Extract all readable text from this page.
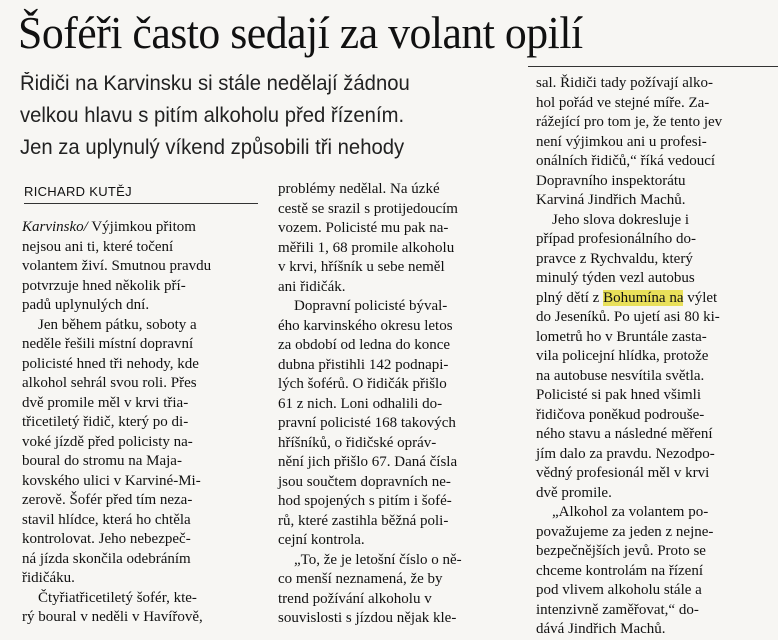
Šoféři často sedají za volant opilí
Řidiči na Karvinsku si stále nedělají žádnou
velkou hlavu s pitím alkoholu před řízením.
Jen za uplynulý víkend způsobili tři nehody
RICHARD KUTĚJ
Karvinsko/ Výjimkou přitom
nejsou ani ti, které točení
volantem živí. Smutnou pravdu
potvrzuje hned několik pří-
padů uplynulých dní.
Jen během pátku, soboty a
neděle řešili místní dopravní
policisté hned tři nehody, kde
alkohol sehrál svou roli. Přes
dvě promile měl v krvi třia-
třicetiletý řidič, který po di-
voké jízdě před policisty na-
boural do stromu na Maja-
kovského ulici v Karviné-Mi-
zerově. Šofér před tím neza-
stavil hlídce, která ho chtěla
kontrolovat. Jeho nebezpeč-
ná jízda skončila odebráním
řidičáku.
Čtyřiatřicetiletý šofér, kte-
rý boural v neděli v Havířově,
problémy nedělal. Na úzké
cestě se srazil s protijedoucím
vozem. Policisté mu pak na-
měřili 1, 68 promile alkoholu
v krvi, hříšník u sebe neměl
ani řidičák.
Dopravní policisté býval-
ého karvinského okresu letos
za období od ledna do konce
dubna přistihli 142 podnapi-
lých šoférů. O řidičák přišlo
61 z nich. Loni odhalili do-
pravní policisté 168 takových
hříšníků, o řidičské opráv-
nění jich přišlo 67. Daná čísla
jsou součtem dopravních ne-
hod spojených s pitím i šofé-
rů, které zastihla běžná poli-
cejní kontrola.
„To, že je letošní číslo o ně-
co menší neznamená, že by
trend požívání alkoholu v
souvislosti s jízdou nějak kle-
sal. Řidiči tady požívají alko-
hol pořád ve stejné míře. Za-
rážející pro tom je, že tento jev
není výjimkou ani u profesi-
onálních řidičů,“ říká vedoucí
Dopravního inspektorátu
Karviná Jindřich Machů.
Jeho slova dokresluje i
případ profesionálního do-
pravce z Rychvaldu, který
minulý týden vezl autobus
plný dětí z Bohumína na výlet
do Jeseníků. Po ujetí asi 80 ki-
lometrů ho v Bruntále zasta-
vila policejní hlídka, protože
na autobuse nesvítila světla.
Policisté si pak hned všimli
řidičova poněkud podrouše-
ného stavu a následné měření
jím dalo za pravdu. Nezodpo-
vědný profesionál měl v krvi
dvě promile.
„Alkohol za volantem po-
považujeme za jeden z nejne-
bezpečnějších jevů. Proto se
chceme kontrolám na řízení
pod vlivem alkoholu stále a
intenzivně zaměřovat,“ do-
dává Jindřich Machů.
